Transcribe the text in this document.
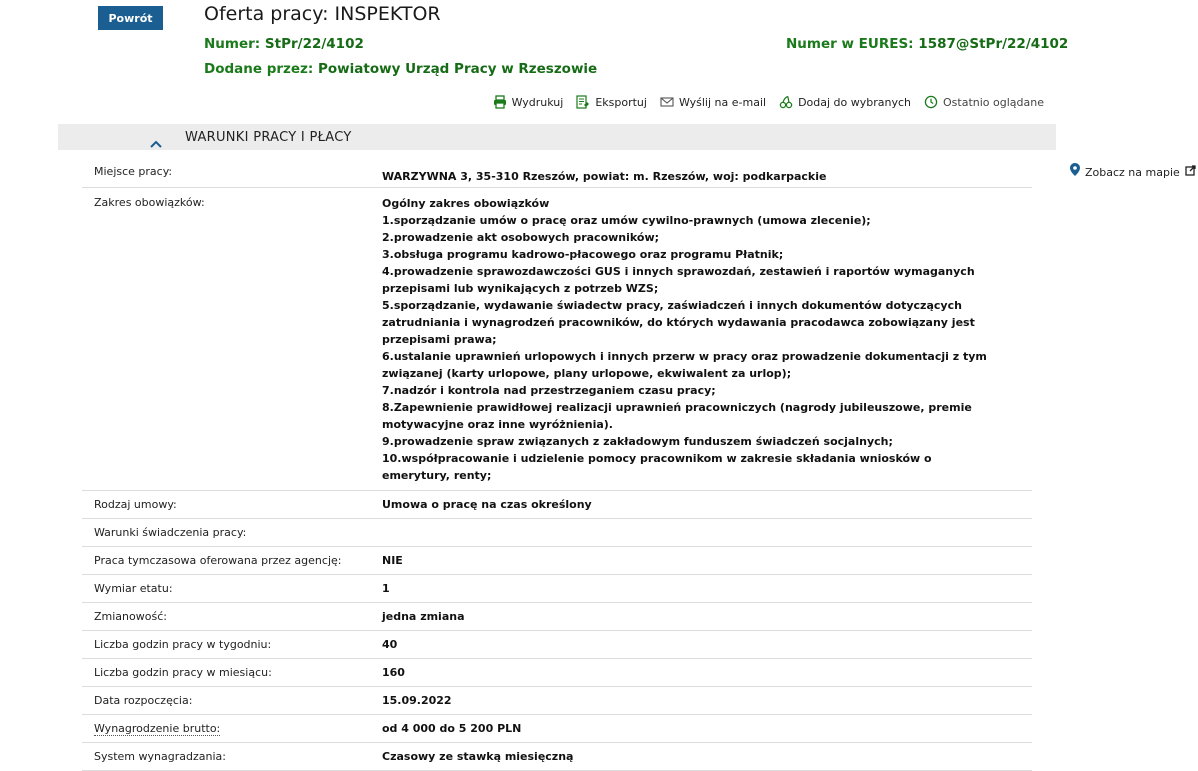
Powrót	Oferta pracy: INSPEKTOR
Numer: StPr/22/4102	Numer w EURES: 1587@StPr/22/4102
Dodane przez: Powiatowy Urząd Pracy w Rzeszowie
Wydrukuj	Eksportuj	Wyślij na e-mail	Dodaj do wybranych	Ostatnio oglądane
WARUNKI PRACY I PŁACY
Miejsce pracy:	WARZYWNA 3, 35-310 Rzeszów, powiat: m. Rzeszów, woj: podkarpackie	Zobacz na mapie
Zakres obowiązków:	Ogólny zakres obowiązków
1.sporządzanie umów o pracę oraz umów cywilno-prawnych (umowa zlecenie);
2.prowadzenie akt osobowych pracowników;
3.obsługa programu kadrowo-płacowego oraz programu Płatnik;
4.prowadzenie sprawozdawczości GUS i innych sprawozdań, zestawień i raportów wymaganych przepisami lub wynikających z potrzeb WZS;
5.sporządzanie, wydawanie świadectw pracy, zaświadczeń i innych dokumentów dotyczących zatrudniania i wynagrodzeń pracowników, do których wydawania pracodawca zobowiązany jest przepisami prawa;
6.ustalanie uprawnień urlopowych i innych przerw w pracy oraz prowadzenie dokumentacji z tym związanej (karty urlopowe, plany urlopowe, ekwiwalent za urlop);
7.nadzór i kontrola nad przestrzeganiem czasu pracy;
8.Zapewnienie prawidłowej realizacji uprawnień pracowniczych (nagrody jubileuszowe, premie motywacyjne oraz inne wyróżnienia).
9.prowadzenie spraw związanych z zakładowym funduszem świadczeń socjalnych;
10.współpracowanie i udzielenie pomocy pracownikom w zakresie składania wniosków o emerytury, renty;
Rodzaj umowy:	Umowa o pracę na czas określony
Warunki świadczenia pracy:
Praca tymczasowa oferowana przez agencję:	NIE
Wymiar etatu:	1
Zmianowość:	jedna zmiana
Liczba godzin pracy w tygodniu:	40
Liczba godzin pracy w miesiącu:	160
Data rozpoczęcia:	15.09.2022
Wynagrodzenie brutto:	od 4 000 do 5 200 PLN
System wynagradzania:	Czasowy ze stawką miesięczną
